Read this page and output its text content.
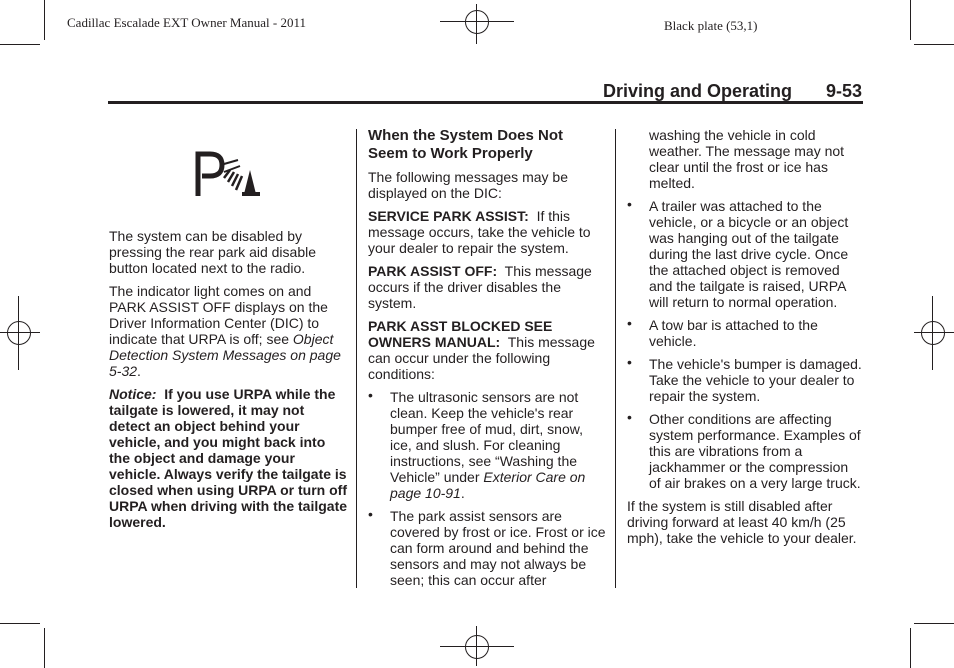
Cadillac Escalade EXT Owner Manual - 2011	Black plate (53,1)
Driving and Operating 9-53

The system can be disabled by pressing the rear park aid disable button located next to the radio.

The indicator light comes on and PARK ASSIST OFF displays on the Driver Information Center (DIC) to indicate that URPA is off; see Object Detection System Messages on page 5-32.

Notice: If you use URPA while the tailgate is lowered, it may not detect an object behind your vehicle, and you might back into the object and damage your vehicle. Always verify the tailgate is closed when using URPA or turn off URPA when driving with the tailgate lowered.

When the System Does Not Seem to Work Properly

The following messages may be displayed on the DIC:

SERVICE PARK ASSIST: If this message occurs, take the vehicle to your dealer to repair the system.

PARK ASSIST OFF: This message occurs if the driver disables the system.

PARK ASST BLOCKED SEE OWNERS MANUAL: This message can occur under the following conditions:

• The ultrasonic sensors are not clean. Keep the vehicle's rear bumper free of mud, dirt, snow, ice, and slush. For cleaning instructions, see “Washing the Vehicle” under Exterior Care on page 10-91.
• The park assist sensors are covered by frost or ice. Frost or ice can form around and behind the sensors and may not always be seen; this can occur after
washing the vehicle in cold weather. The message may not clear until the frost or ice has melted.
• A trailer was attached to the vehicle, or a bicycle or an object was hanging out of the tailgate during the last drive cycle. Once the attached object is removed and the tailgate is raised, URPA will return to normal operation.
• A tow bar is attached to the vehicle.
• The vehicle's bumper is damaged. Take the vehicle to your dealer to repair the system.
• Other conditions are affecting system performance. Examples of this are vibrations from a jackhammer or the compression of air brakes on a very large truck.

If the system is still disabled after driving forward at least 40 km/h (25 mph), take the vehicle to your dealer.
